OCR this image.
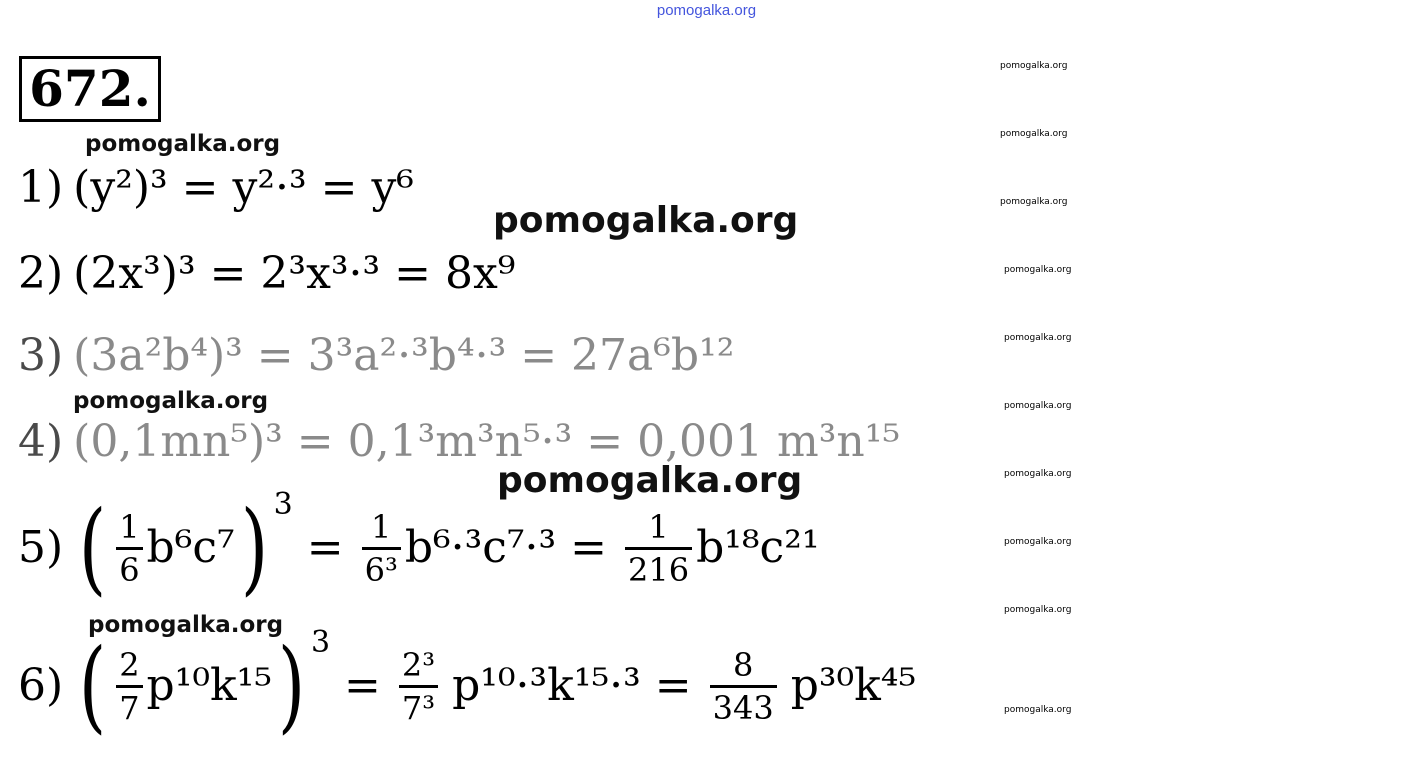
pomogalka.org
672.
pomogalka.org
pomogalka.org
pomogalka.org
pomogalka.org
pomogalka.org
pomogalka.org
pomogalka.org
pomogalka.org
pomogalka.org
pomogalka.org
pomogalka.org
pomogalka.org
pomogalka.org
pomogalka.org
pomogalka.org
1) (y²)³ = y²·³ = y⁶
2) (2x³)³ = 2³x³·³ = 8x⁹
3) (3a²b⁴)³ = 3³a²·³b⁴·³ = 27a⁶b¹²
4) (0,1mn⁵)³ = 0,1³m³n⁵·³ = 0,001 m³n¹⁵
5) ( $\frac{1}{6} b^6c^7$ ) 3
= $\frac{1}{\text{6³}} b^6\cdot^3c^7\cdot^3 = \frac{1}{216} b^{18}c^{21}$
6) ( $\frac{2}{7} p^{10}k^{15}$ ) 3
= $\frac{\text{2³}}{\text{7³}} p^{10}\cdot^3k^{15}\cdot^3 = \frac{8}{343} p^{30}k^{45}$
